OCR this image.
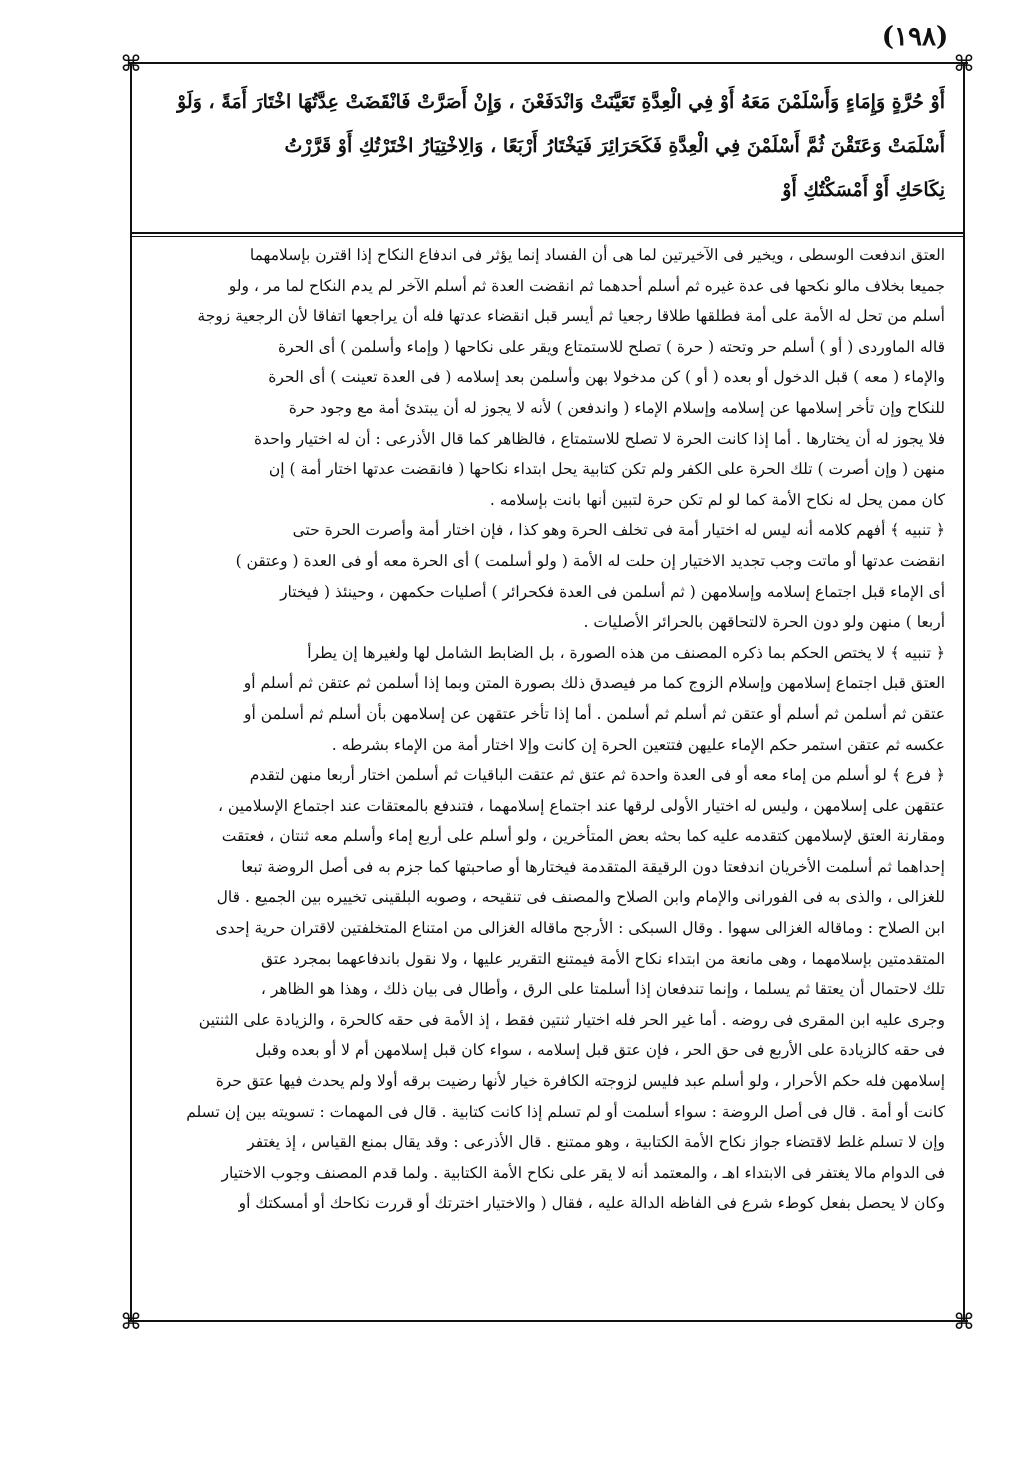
(١٩٨)
⌘	⌘
⌘	⌘

أَوْ حُرَّةٍ وَإِمَاءٍ وَأَسْلَمْنَ مَعَهُ أَوْ فِي الْعِدَّةِ تَعَيَّنَتْ وَانْدَفَعْنَ ، وَإِنْ أَصَرَّتْ فَانْقَضَتْ عِدَّتُهَا اخْتَارَ أَمَةً ، وَلَوْ

أَسْلَمَتْ وَعَتَقْنَ ثُمَّ أَسْلَمْنَ فِي الْعِدَّةِ فَكَحَرَائِرَ فَيَخْتَارُ أَرْبَعًا ، وَالِاخْتِيَارُ اخْتَرْتُكِ أَوْ قَرَّرْتُ

نِكَاحَكِ أَوْ أَمْسَكْتُكِ أَوْ

العتق اندفعت الوسطى ، ويخير فى الآخيرتين لما هى أن الفساد إنما يؤثر فى اندفاع النكاح إذا اقترن بإسلامهما

جميعا بخلاف مالو نكحها فى عدة غيره ثم أسلم أحدهما ثم انقضت العدة ثم أسلم الآخر لم يدم النكاح لما مر ، ولو

أسلم من تحل له الأمة على أمة فطلقها طلاقا رجعيا ثم أيسر قبل انقضاء عدتها فله أن يراجعها اتفاقا لأن الرجعية زوجة

قاله الماوردى ( أو ) أسلم حر وتحته ( حرة ) تصلح للاستمتاع ويقر على نكاحها ( وإماء وأسلمن ) أى الحرة

والإماء ( معه ) قبل الدخول أو بعده ( أو ) كن مدخولا بهن وأسلمن بعد إسلامه ( فى العدة تعينت ) أى الحرة

للنكاح وإن تأخر إسلامها عن إسلامه وإسلام الإماء ( واندفعن ) لأنه لا يجوز له أن يبتدئ أمة مع وجود حرة

فلا يجوز له أن يختارها . أما إذا كانت الحرة لا تصلح للاستمتاع ، فالظاهر كما قال الأذرعى : أن له اختيار واحدة

منهن ( وإن أصرت ) تلك الحرة على الكفر ولم تكن كتابية يحل ابتداء نكاحها ( فانقضت عدتها اختار أمة ) إن

كان ممن يحل له نكاح الأمة كما لو لم تكن حرة لتبين أنها بانت بإسلامه .

﴿ تنبيه ﴾ أفهم كلامه أنه ليس له اختيار أمة فى تخلف الحرة وهو كذا ، فإن اختار أمة وأصرت الحرة حتى

انقضت عدتها أو ماتت وجب تجديد الاختيار إن حلت له الأمة ( ولو أسلمت ) أى الحرة معه أو فى العدة ( وعتقن )

أى الإماء قبل اجتماع إسلامه وإسلامهن ( ثم أسلمن فى العدة فكحرائر ) أصليات حكمهن ، وحينئذ ( فيختار

أربعا ) منهن ولو دون الحرة لالتحاقهن بالحرائر الأصليات .

﴿ تنبيه ﴾ لا يختص الحكم بما ذكره المصنف من هذه الصورة ، بل الضابط الشامل لها ولغيرها إن يطرأ

العتق قبل اجتماع إسلامهن وإسلام الزوج كما مر فيصدق ذلك بصورة المتن وبما إذا أسلمن ثم عتقن ثم أسلم أو

عتقن ثم أسلمن ثم أسلم أو عتقن ثم أسلم ثم أسلمن . أما إذا تأخر عتقهن عن إسلامهن بأن أسلم ثم أسلمن أو

عكسه ثم عتقن استمر حكم الإماء عليهن فتتعين الحرة إن كانت وإلا اختار أمة من الإماء بشرطه .

﴿ فرع ﴾ لو أسلم من إماء معه أو فى العدة واحدة ثم عتق ثم عتقت الباقيات ثم أسلمن اختار أربعا منهن لتقدم

عتقهن على إسلامهن ، وليس له اختيار الأولى لرقها عند اجتماع إسلامهما ، فتندفع بالمعتقات عند اجتماع الإسلامين ،

ومقارنة العتق لإسلامهن كتقدمه عليه كما بحثه بعض المتأخرين ، ولو أسلم على أربع إماء وأسلم معه ثنتان ، فعتقت

إحداهما ثم أسلمت الأخريان اندفعتا دون الرقيقة المتقدمة فيختارها أو صاحبتها كما جزم به فى أصل الروضة تبعا

للغزالى ، والذى به فى الفورانى والإمام وابن الصلاح والمصنف فى تنقيحه ، وصوبه البلقينى تخييره بين الجميع . قال

ابن الصلاح : وماقاله الغزالى سهوا . وقال السبكى : الأرجح ماقاله الغزالى من امتناع المتخلفتين لاقتران حرية إحدى

المتقدمتين بإسلامهما ، وهى مانعة من ابتداء نكاح الأمة فيمتنع التقرير عليها ، ولا نقول باندفاعهما بمجرد عتق

تلك لاحتمال أن يعتقا ثم يسلما ، وإنما تندفعان إذا أسلمتا على الرق ، وأطال فى بيان ذلك ، وهذا هو الظاهر ،

وجرى عليه ابن المقرى فى روضه . أما غير الحر فله اختيار ثنتين فقط ، إذ الأمة فى حقه كالحرة ، والزيادة على الثنتين

فى حقه كالزيادة على الأربع فى حق الحر ، فإن عتق قبل إسلامه ، سواء كان قبل إسلامهن أم لا أو بعده وقبل

إسلامهن فله حكم الأحرار ، ولو أسلم عبد فليس لزوجته الكافرة خيار لأنها رضيت برقه أولا ولم يحدث فيها عتق حرة

كانت أو أمة . قال فى أصل الروضة : سواء أسلمت أو لم تسلم إذا كانت كتابية . قال فى المهمات : تسويته بين إن تسلم

وإن لا تسلم غلط لاقتضاء جواز نكاح الأمة الكتابية ، وهو ممتنع . قال الأذرعى : وقد يقال بمنع القياس ، إذ يغتفر

فى الدوام مالا يغتفر فى الابتداء اهـ ، والمعتمد أنه لا يقر على نكاح الأمة الكتابية . ولما قدم المصنف وجوب الاختيار

وكان لا يحصل بفعل كوطء شرع فى الفاظه الدالة عليه ، فقال ( والاختيار اخترتك أو قررت نكاحك أو أمسكتك أو
